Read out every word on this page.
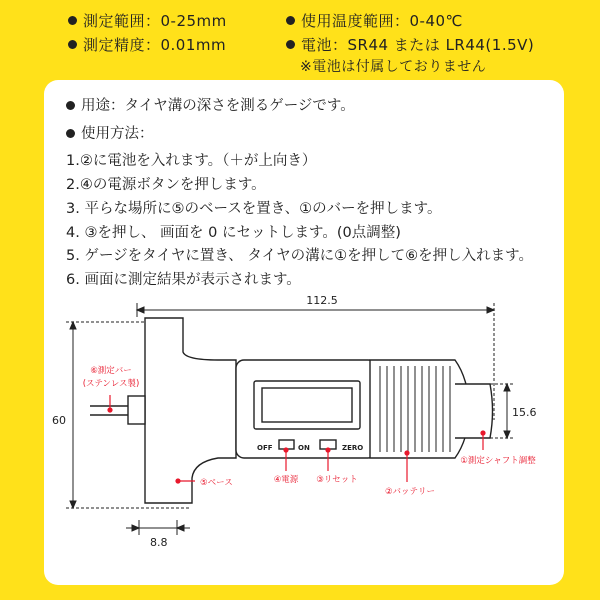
測定範囲：0-25mm	使用温度範囲：0-40℃
測定精度：0.01mm	電池：SR44 または LR44(1.5V)
※電池は付属しておりません
用途：タイヤ溝の深さを測るゲージです。
使用方法：
1.②に電池を入れます。（＋が上向き）
2.④の電源ボタンを押します。
3. 平らな場所に⑤のベースを置き、①のバーを押します。
4. ③を押し、 画面を 0 にセットします。(0点調整)
5. ゲージをタイヤに置き、 タイヤの溝に①を押して⑥を押し入れます。
6. 画面に測定結果が表示されます。
112.5
60
15.6
8.8
OFF	ON	ZERO
⑥測定バー
(ステンレス製)
⑤ベース	④電源 ③リセット
②バッテリー
①測定シャフト調整
